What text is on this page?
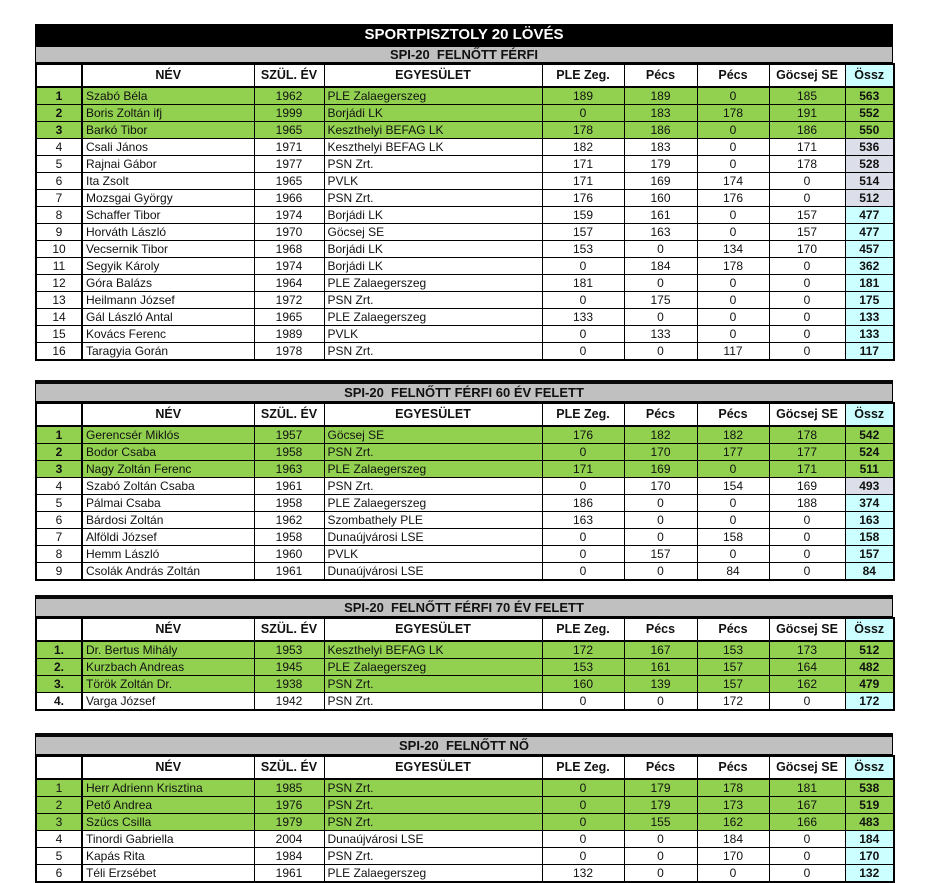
SPORTPISZTOLY 20 LÖVÉS
SPI-20  FELNŐTT FÉRFI
	NÉV	SZÜL. ÉV	EGYESÜLET	PLE Zeg.	Pécs	Pécs	Göcsej SE	Össz
1	Szabó Béla	1962	PLE Zalaegerszeg	189	189	0	185	563
2	Boris Zoltán ifj	1999	Borjádi LK	0	183	178	191	552
3	Barkó Tibor	1965	Keszthelyi BEFAG LK	178	186	0	186	550
4	Csali János	1971	Keszthelyi BEFAG LK	182	183	0	171	536
5	Rajnai Gábor	1977	PSN Zrt.	171	179	0	178	528
6	Ita Zsolt	1965	PVLK	171	169	174	0	514
7	Mozsgai György	1966	PSN Zrt.	176	160	176	0	512
8	Schaffer Tibor	1974	Borjádi LK	159	161	0	157	477
9	Horváth László	1970	Göcsej SE	157	163	0	157	477
10	Vecsernik Tibor	1968	Borjádi LK	153	0	134	170	457
11	Segyik Károly	1974	Borjádi LK	0	184	178	0	362
12	Góra Balázs	1964	PLE Zalaegerszeg	181	0	0	0	181
13	Heilmann József	1972	PSN Zrt.	0	175	0	0	175
14	Gál László Antal	1965	PLE Zalaegerszeg	133	0	0	0	133
15	Kovács Ferenc	1989	PVLK	0	133	0	0	133
16	Taragyia Gorán	1978	PSN Zrt.	0	0	117	0	117
SPI-20  FELNŐTT FÉRFI 60 ÉV FELETT
	NÉV	SZÜL. ÉV	EGYESÜLET	PLE Zeg.	Pécs	Pécs	Göcsej SE	Össz
1	Gerencsér Miklós	1957	Göcsej SE	176	182	182	178	542
2	Bodor Csaba	1958	PSN Zrt.	0	170	177	177	524
3	Nagy Zoltán Ferenc	1963	PLE Zalaegerszeg	171	169	0	171	511
4	Szabó Zoltán Csaba	1961	PSN Zrt.	0	170	154	169	493
5	Pálmai Csaba	1958	PLE Zalaegerszeg	186	0	0	188	374
6	Bárdosi Zoltán	1962	Szombathely PLE	163	0	0	0	163
7	Alföldi József	1958	Dunaújvárosi LSE	0	0	158	0	158
8	Hemm László	1960	PVLK	0	157	0	0	157
9	Csolák András Zoltán	1961	Dunaújvárosi LSE	0	0	84	0	84
SPI-20  FELNŐTT FÉRFI 70 ÉV FELETT
	NÉV	SZÜL. ÉV	EGYESÜLET	PLE Zeg.	Pécs	Pécs	Göcsej SE	Össz
1.	Dr. Bertus Mihály	1953	Keszthelyi BEFAG LK	172	167	153	173	512
2.	Kurzbach Andreas	1945	PLE Zalaegerszeg	153	161	157	164	482
3.	Török Zoltán Dr.	1938	PSN Zrt.	160	139	157	162	479
4.	Varga József	1942	PSN Zrt.	0	0	172	0	172
SPI-20  FELNŐTT NŐ
	NÉV	SZÜL. ÉV	EGYESÜLET	PLE Zeg.	Pécs	Pécs	Göcsej SE	Össz
1	Herr Adrienn Krisztina	1985	PSN Zrt.	0	179	178	181	538
2	Pető Andrea	1976	PSN Zrt.	0	179	173	167	519
3	Szücs Csilla	1979	PSN Zrt.	0	155	162	166	483
4	Tinordi Gabriella	2004	Dunaújvárosi LSE	0	0	184	0	184
5	Kapás Rita	1984	PSN Zrt.	0	0	170	0	170
6	Téli Erzsébet	1961	PLE Zalaegerszeg	132	0	0	0	132
